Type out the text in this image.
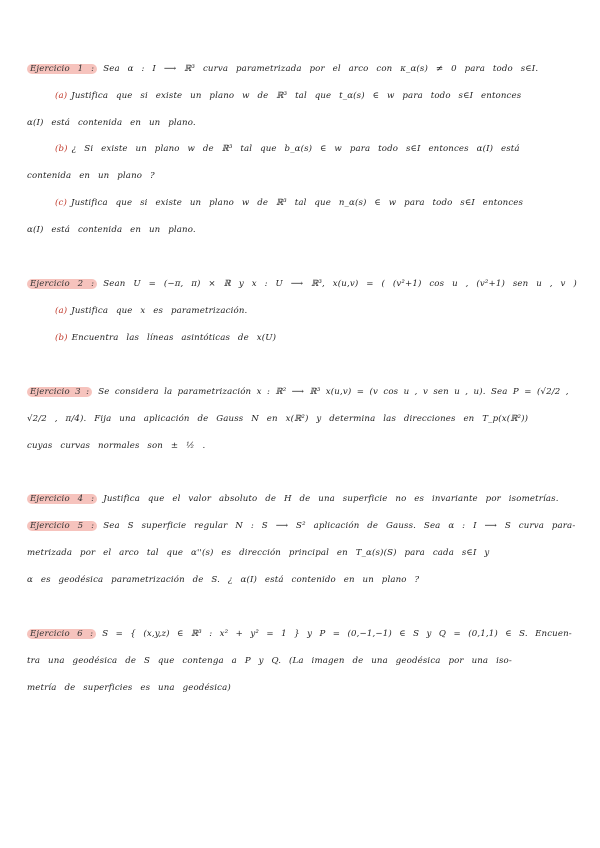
Ejercicio 1 : Sea α : I ⟶ ℝ³ curva parametrizada por el arco con κ_α(s) ≠ 0 para todo s∈I.
(a) Justifica que si existe un plano w de ℝ³ tal que t_α(s) ∈ w para todo s∈I entonces
α(I) está contenida en un plano.
(b) ¿ Si existe un plano w de ℝ³ tal que b_α(s) ∈ w para todo s∈I entonces α(I) está
contenida en un plano ?
(c) Justifica que si existe un plano w de ℝ³ tal que n_α(s) ∈ w para todo s∈I entonces
α(I) está contenida en un plano.
Ejercicio 2 : Sean U = (−π, π) × ℝ y x : U ⟶ ℝ³, x(u,v) = ( (v²+1) cos u , (v²+1) sen u , v )
(a) Justifica que x es parametrización.
(b) Encuentra las líneas asintóticas de x(U)
Ejercicio 3 : Se considera la parametrización x : ℝ² ⟶ ℝ³ x(u,v) = (v cos u , v sen u , u). Sea P = (√2/2 ,
√2/2 , π/4). Fija una aplicación de Gauss N en x(ℝ²) y determina las direcciones en T_p(x(ℝ²))
cuyas curvas normales son ± ½ .
Ejercicio 4 : Justifica que el valor absoluto de H de una superficie no es invariante por isometrías.
Ejercicio 5 : Sea S superficie regular N : S ⟶ S² aplicación de Gauss. Sea α : I ⟶ S curva para-
metrizada por el arco tal que α''(s) es dirección principal en T_α(s)(S) para cada s∈I y
α es geodésica parametrización de S. ¿ α(I) está contenido en un plano ?
Ejercicio 6 : S = { (x,y,z) ∈ ℝ³ : x² + y² = 1 } y P = (0,−1,−1) ∈ S y Q = (0,1,1) ∈ S. Encuen-
tra una geodésica de S que contenga a P y Q. (La imagen de una geodésica por una iso-
metría de superficies es una geodésica)
